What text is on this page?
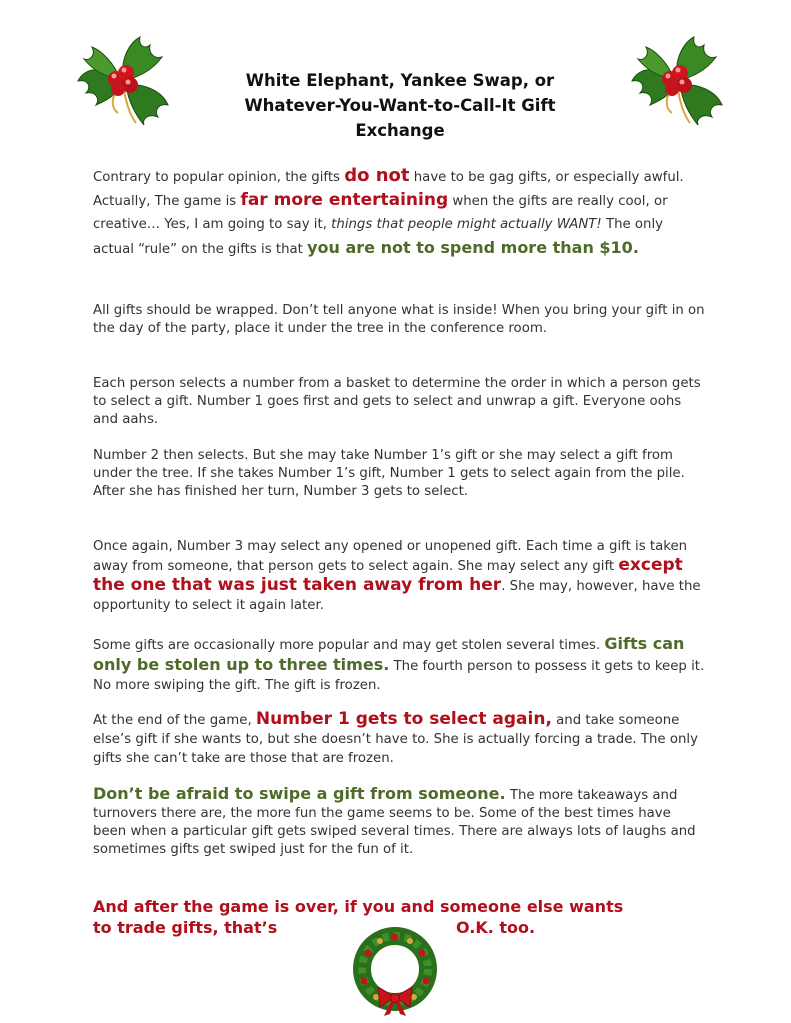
White Elephant, Yankee Swap, or
Whatever-You-Want-to-Call-It Gift
Exchange

Contrary to popular opinion, the gifts do not have to be gag gifts, or especially awful. Actually, The game is far more entertaining when the gifts are really cool, or creative… Yes, I am going to say it, things that people might actually WANT! The only actual “rule” on the gifts is that you are not to spend more than $10.

All gifts should be wrapped. Don’t tell anyone what is inside! When you bring your gift in on the day of the party, place it under the tree in the conference room.

Each person selects a number from a basket to determine the order in which a person gets to select a gift. Number 1 goes first and gets to select and unwrap a gift. Everyone oohs and aahs.

Number 2 then selects. But she may take Number 1’s gift or she may select a gift from under the tree. If she takes Number 1’s gift, Number 1 gets to select again from the pile. After she has finished her turn, Number 3 gets to select.

Once again, Number 3 may select any opened or unopened gift. Each time a gift is taken away from someone, that person gets to select again. She may select any gift except the one that was just taken away from her. She may, however, have the opportunity to select it again later.

Some gifts are occasionally more popular and may get stolen several times. Gifts can only be stolen up to three times. The fourth person to possess it gets to keep it. No more swiping the gift. The gift is frozen.

At the end of the game, Number 1 gets to select again, and take someone else’s gift if she wants to, but she doesn’t have to. She is actually forcing a trade. The only gifts she can’t take are those that are frozen.

Don’t be afraid to swipe a gift from someone. The more takeaways and turnovers there are, the more fun the game seems to be. Some of the best times have been when a particular gift gets swiped several times. There are always lots of laughs and sometimes gifts get swiped just for the fun of it.

And after the game is over, if you and someone else wants
to trade gifts, that’s	O.K. too.
